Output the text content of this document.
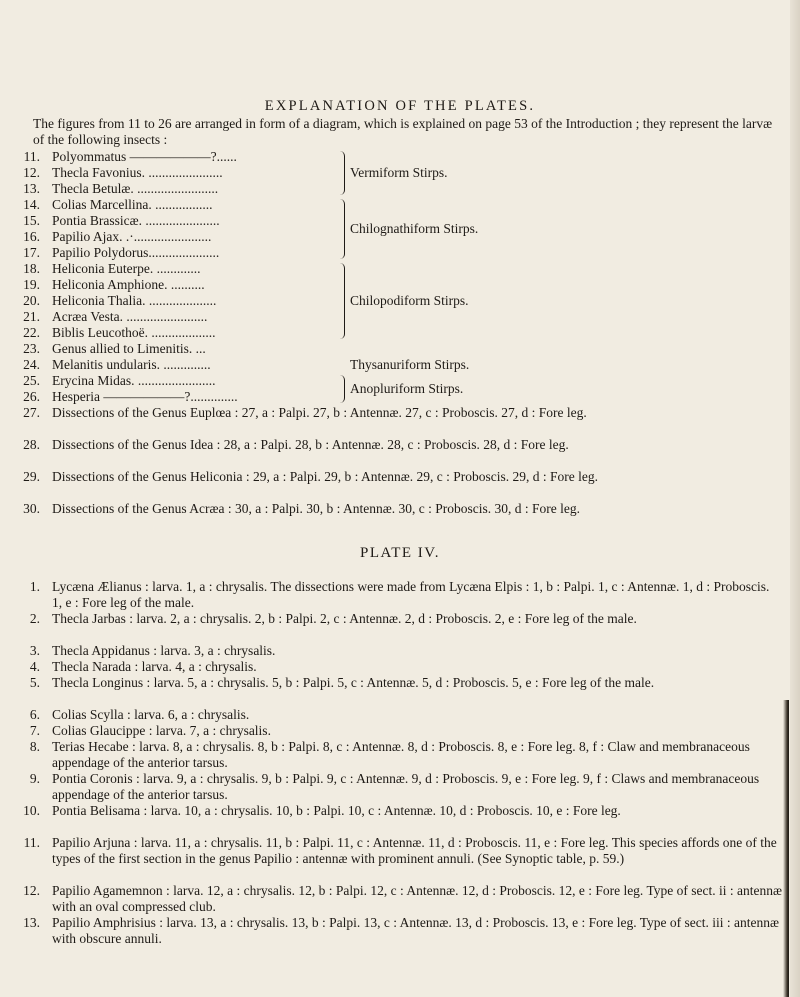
EXPLANATION OF THE PLATES.
The figures from 11 to 26 are arranged in form of a diagram, which is explained on page 53 of the Introduction ; they represent the larvæ of the following insects :
11. Polyommatus ——————?......
12. Thecla Favonius. ......................
13. Thecla Betulæ. ........................
14. Colias Marcellina. .................
15. Pontia Brassicæ. ......................
16. Papilio Ajax. .·.......................
17. Papilio Polydorus.....................
18. Heliconia Euterpe. .............
19. Heliconia Amphione. ..........
20. Heliconia Thalia. ....................
21. Acræa Vesta. ........................
22. Biblis Leucothoë. ...................
23. Genus allied to Limenitis. ...
24. Melanitis undularis. ..............
25. Erycina Midas. .......................
26. Hesperia ——————?..............
Vermiform Stirps.
Chilognathiform Stirps.
Chilopodiform Stirps.
Thysanuriform Stirps.
Anopluriform Stirps.
27. Dissections of the Genus Euplœa : 27, a : Palpi. 27, b : Antennæ. 27, c : Proboscis. 27, d : Fore leg.
28. Dissections of the Genus Idea : 28, a : Palpi. 28, b : Antennæ. 28, c : Proboscis. 28, d : Fore leg.
29. Dissections of the Genus Heliconia : 29, a : Palpi. 29, b : Antennæ. 29, c : Proboscis. 29, d : Fore leg.
30. Dissections of the Genus Acræa : 30, a : Palpi. 30, b : Antennæ. 30, c : Proboscis. 30, d : Fore leg.
PLATE IV.
1. Lycæna Ælianus : larva. 1, a : chrysalis. The dissections were made from Lycæna Elpis : 1, b : Palpi. 1, c : Antennæ. 1, d : Proboscis. 1, e : Fore leg of the male.
2. Thecla Jarbas : larva. 2, a : chrysalis. 2, b : Palpi. 2, c : Antennæ. 2, d : Proboscis. 2, e : Fore leg of the male.
3. Thecla Appidanus : larva. 3, a : chrysalis.
4. Thecla Narada : larva. 4, a : chrysalis.
5. Thecla Longinus : larva. 5, a : chrysalis. 5, b : Palpi. 5, c : Antennæ. 5, d : Proboscis. 5, e : Fore leg of the male.
6. Colias Scylla : larva. 6, a : chrysalis.
7. Colias Glaucippe : larva. 7, a : chrysalis.
8. Terias Hecabe : larva. 8, a : chrysalis. 8, b : Palpi. 8, c : Antennæ. 8, d : Proboscis. 8, e : Fore leg. 8, f : Claw and membranaceous appendage of the anterior tarsus.
9. Pontia Coronis : larva. 9, a : chrysalis. 9, b : Palpi. 9, c : Antennæ. 9, d : Proboscis. 9, e : Fore leg. 9, f : Claws and membranaceous appendage of the anterior tarsus.
10. Pontia Belisama : larva. 10, a : chrysalis. 10, b : Palpi. 10, c : Antennæ. 10, d : Proboscis. 10, e : Fore leg.
11. Papilio Arjuna : larva. 11, a : chrysalis. 11, b : Palpi. 11, c : Antennæ. 11, d : Proboscis. 11, e : Fore leg. This species affords one of the types of the first section in the genus Papilio : antennæ with prominent annuli. (See Synoptic table, p. 59.)
12. Papilio Agamemnon : larva. 12, a : chrysalis. 12, b : Palpi. 12, c : Antennæ. 12, d : Proboscis. 12, e : Fore leg. Type of sect. ii : antennæ with an oval compressed club.
13. Papilio Amphrisius : larva. 13, a : chrysalis. 13, b : Palpi. 13, c : Antennæ. 13, d : Proboscis. 13, e : Fore leg. Type of sect. iii : antennæ with obscure annuli.
